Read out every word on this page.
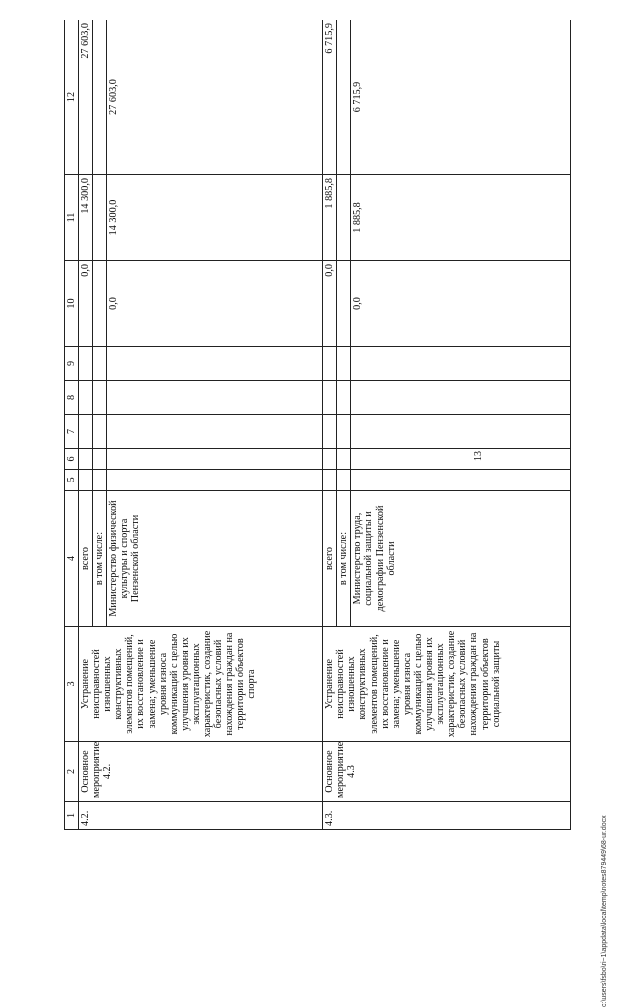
13
c:\users\fsbo\ri~1\appdata\local\temp\notes879449\68-ur.docx
1	2	3	4	5	6	7	8	9	10	11	12
4.2.	Основное мероприятие 4.2.	Устранение неисправностей изношенных конструктивных элементов помещений, их восстановление и замена; уменьшение уровня износа коммуникаций с целью улучшения уровня их эксплуатационных характеристик, создание безопасных условий нахождения граждан на территории объектов спорта	всего						0,0	14 300,0	27 603,0
			в том числе:								
			Министерство физической культуры и спорта Пензенской области						0,0	14 300,0	27 603,0
4.3.	Основное мероприятие 4.3	Устранение неисправностей изношенных конструктивных элементов помещений, их восстановление и замена; уменьшение уровня износа коммуникаций с целью улучшения уровня их эксплуатационных характеристик, создание безопасных условий нахождения граждан на территории объектов социальной защиты	всего						0,0	1 885,8	6 715,9
			в том числе:								
			Министерство труда, социальной защиты и демографии Пензенской области						0,0	1 885,8	6 715,9
